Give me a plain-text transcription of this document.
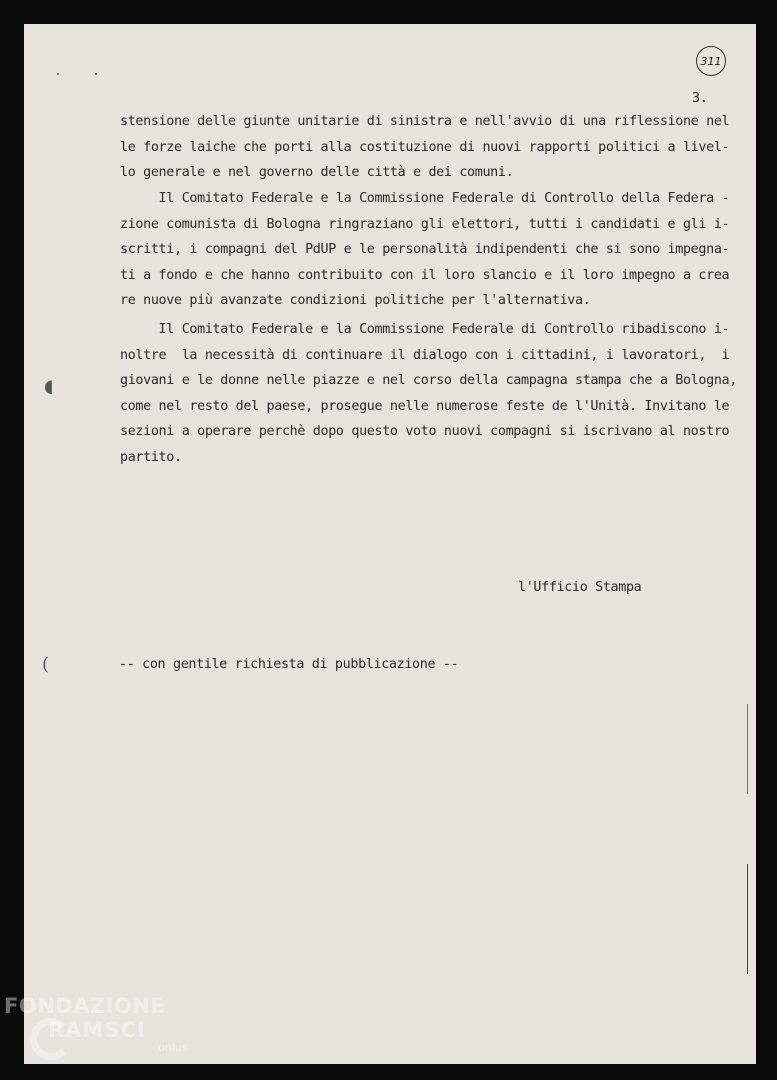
311
3.
stensione delle giunte unitarie di sinistra e nell'avvio di una riflessione nel
le forze laiche che porti alla costituzione di nuovi rapporti politici a livel-
lo generale e nel governo delle città e dei comuni.
Il Comitato Federale e la Commissione Federale di Controllo della Federa -
zione comunista di Bologna ringraziano gli elettori, tutti i candidati e gli i-
scritti, i compagni del PdUP e le personalità indipendenti che si sono impegna-
ti a fondo e che hanno contribuito con il loro slancio e il loro impegno a crea
re nuove più avanzate condizioni politiche per l'alternativa.
Il Comitato Federale e la Commissione Federale di Controllo ribadiscono i-
noltre  la necessità di continuare il dialogo con i cittadini, i lavoratori,  i
giovani e le donne nelle piazze e nel corso della campagna stampa che a Bologna,
come nel resto del paese, prosegue nelle numerose feste de l'Unità. Invitano le
sezioni a operare perchè dopo questo voto nuovi compagni si iscrivano al nostro
partito.
l'Ufficio Stampa
-- con gentile richiesta di pubblicazione --
◖
(
FONDAZIONE
RAMSCI
onlus
